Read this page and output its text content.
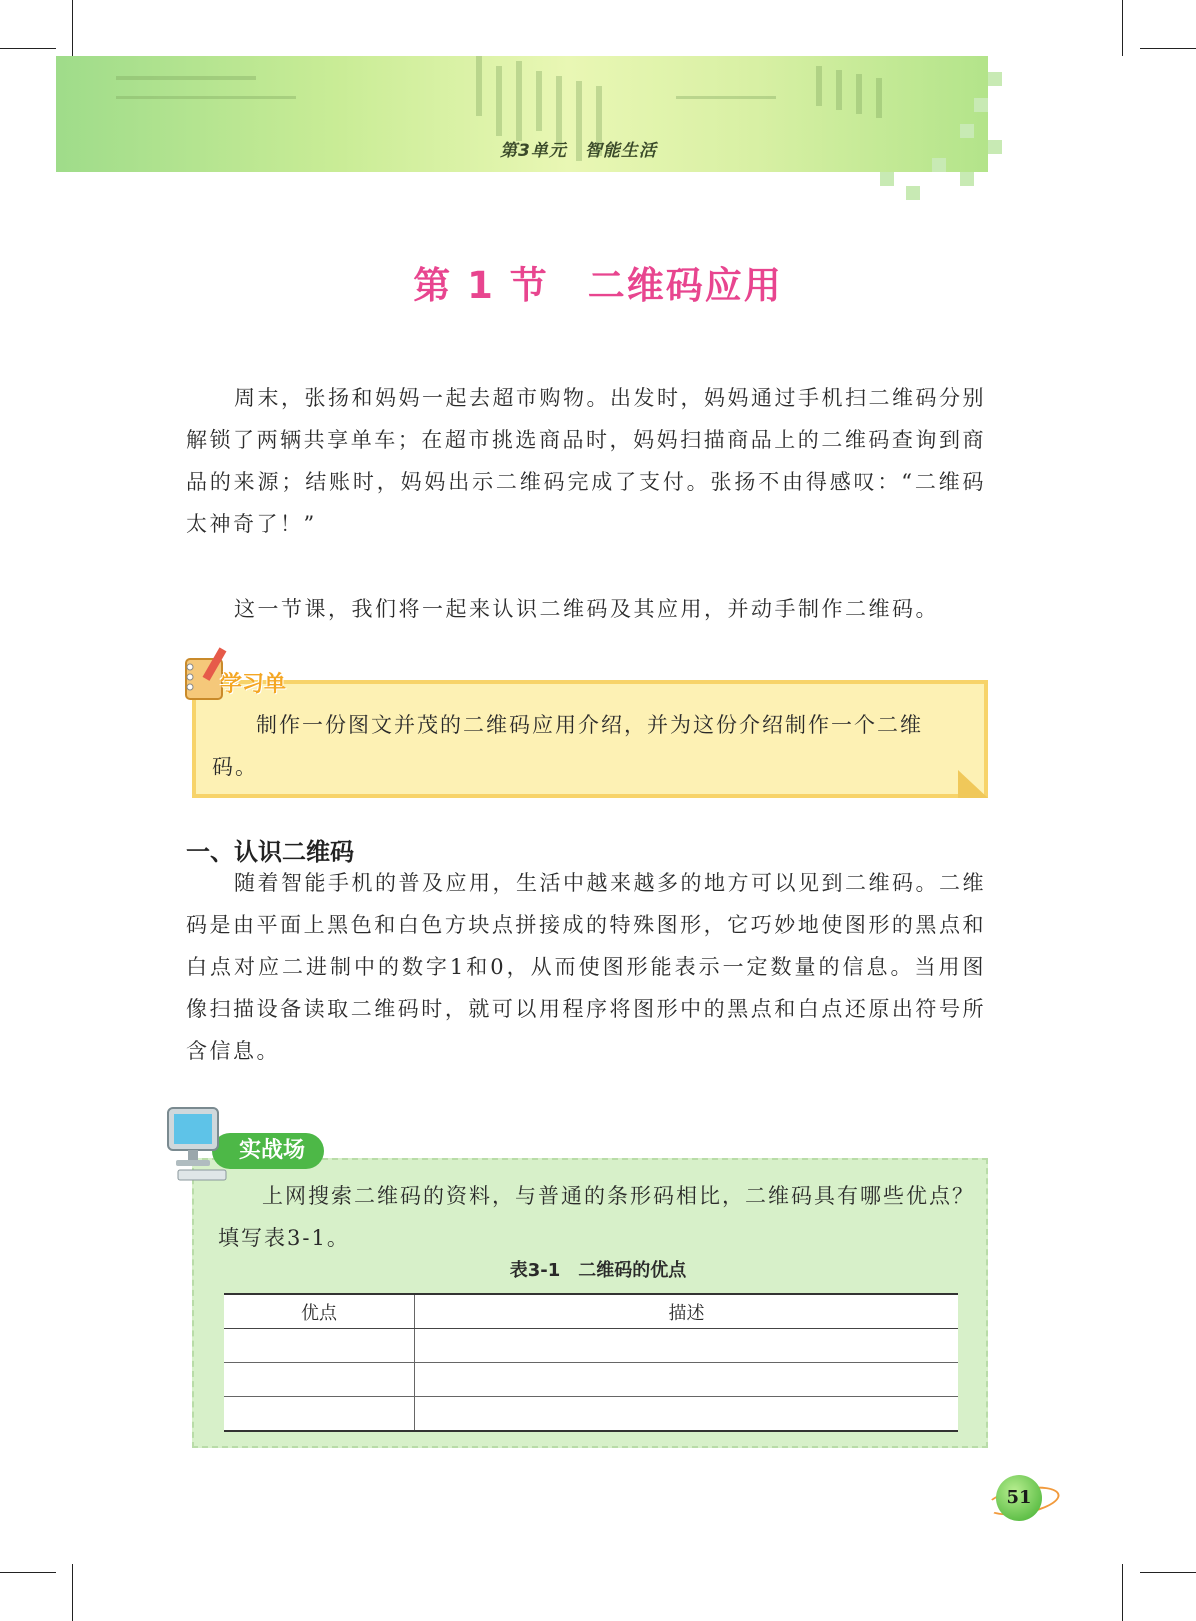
第3单元　智能生活
第 1 节　二维码应用
周末，张扬和妈妈一起去超市购物。出发时，妈妈通过手机扫二维码分别解锁了两辆共享单车；在超市挑选商品时，妈妈扫描商品上的二维码查询到商品的来源；结账时，妈妈出示二维码完成了支付。张扬不由得感叹：“二维码太神奇了！”
这一节课，我们将一起来认识二维码及其应用，并动手制作二维码。
学习单
制作一份图文并茂的二维码应用介绍，并为这份介绍制作一个二维码。
一、认识二维码
随着智能手机的普及应用，生活中越来越多的地方可以见到二维码。二维码是由平面上黑色和白色方块点拼接成的特殊图形，它巧妙地使图形的黑点和白点对应二进制中的数字1和0，从而使图形能表示一定数量的信息。当用图像扫描设备读取二维码时，就可以用程序将图形中的黑点和白点还原出符号所含信息。
实战场
上网搜索二维码的资料，与普通的条形码相比，二维码具有哪些优点？填写表3-1。
表3-1　二维码的优点
优点	描述

51
